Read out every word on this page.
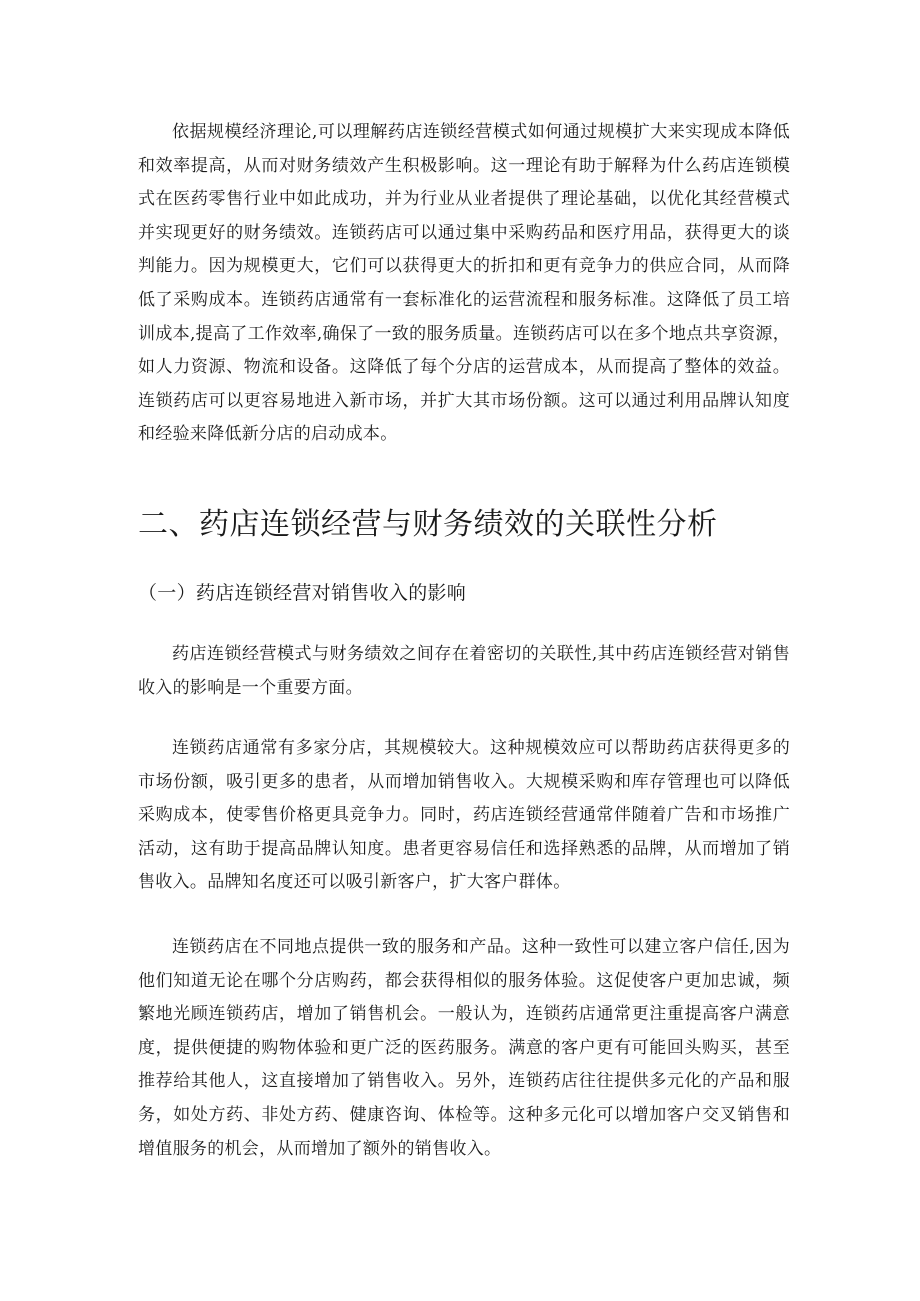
依据规模经济理论,可以理解药店连锁经营模式如何通过规模扩大来实现成本降低和效率提高，从而对财务绩效产生积极影响。这一理论有助于解释为什么药店连锁模式在医药零售行业中如此成功，并为行业从业者提供了理论基础，以优化其经营模式并实现更好的财务绩效。连锁药店可以通过集中采购药品和医疗用品，获得更大的谈判能力。因为规模更大，它们可以获得更大的折扣和更有竞争力的供应合同，从而降低了采购成本。连锁药店通常有一套标准化的运营流程和服务标准。这降低了员工培训成本,提高了工作效率,确保了一致的服务质量。连锁药店可以在多个地点共享资源，如人力资源、物流和设备。这降低了每个分店的运营成本，从而提高了整体的效益。连锁药店可以更容易地进入新市场，并扩大其市场份额。这可以通过利用品牌认知度和经验来降低新分店的启动成本。

二、药店连锁经营与财务绩效的关联性分析
（一）药店连锁经营对销售收入的影响

药店连锁经营模式与财务绩效之间存在着密切的关联性,其中药店连锁经营对销售收入的影响是一个重要方面。

连锁药店通常有多家分店，其规模较大。这种规模效应可以帮助药店获得更多的市场份额，吸引更多的患者，从而增加销售收入。大规模采购和库存管理也可以降低采购成本，使零售价格更具竞争力。同时，药店连锁经营通常伴随着广告和市场推广活动，这有助于提高品牌认知度。患者更容易信任和选择熟悉的品牌，从而增加了销售收入。品牌知名度还可以吸引新客户，扩大客户群体。

连锁药店在不同地点提供一致的服务和产品。这种一致性可以建立客户信任,因为他们知道无论在哪个分店购药，都会获得相似的服务体验。这促使客户更加忠诚，频繁地光顾连锁药店，增加了销售机会。一般认为，连锁药店通常更注重提高客户满意度，提供便捷的购物体验和更广泛的医药服务。满意的客户更有可能回头购买，甚至推荐给其他人，这直接增加了销售收入。另外，连锁药店往往提供多元化的产品和服务，如处方药、非处方药、健康咨询、体检等。这种多元化可以增加客户交叉销售和增值服务的机会，从而增加了额外的销售收入。
